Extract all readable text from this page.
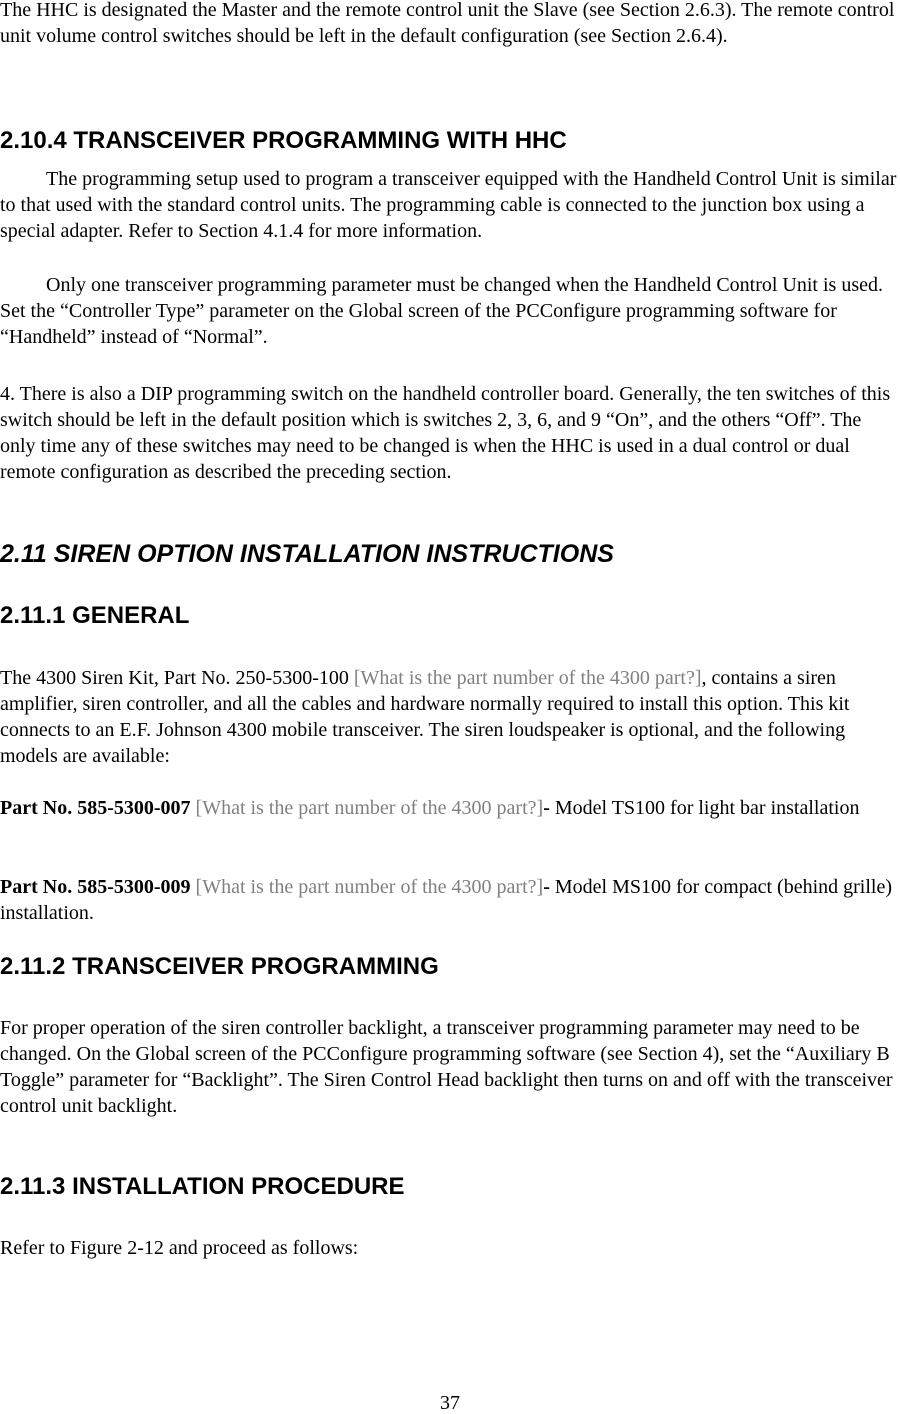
The HHC is designated the Master and the remote control unit the Slave (see Section 2.6.3). The remote control unit volume control switches should be left in the default configuration (see Section 2.6.4).

2.10.4 TRANSCEIVER PROGRAMMING WITH HHC

The programming setup used to program a transceiver equipped with the Handheld Control Unit is similar to that used with the standard control units. The programming cable is connected to the junction box using a special adapter. Refer to Section 4.1.4 for more information.

Only one transceiver programming parameter must be changed when the Handheld Control Unit is used. Set the “Controller Type” parameter on the Global screen of the PCConfigure programming software for “Handheld” instead of “Normal”.

4. There is also a DIP programming switch on the handheld controller board. Generally, the ten switches of this switch should be left in the default position which is switches 2, 3, 6, and 9 “On”, and the others “Off”. The only time any of these switches may need to be changed is when the HHC is used in a dual control or dual remote configuration as described the preceding section.

2.11 SIREN OPTION INSTALLATION INSTRUCTIONS
2.11.1 GENERAL

The 4300 Siren Kit, Part No. 250-5300-100 [What is the part number of the 4300 part?], contains a siren amplifier, siren controller, and all the cables and hardware normally required to install this option. This kit connects to an E.F. Johnson 4300 mobile transceiver. The siren loudspeaker is optional, and the following models are available:

Part No. 585-5300-007 [What is the part number of the 4300 part?]- Model TS100 for light bar installation

Part No. 585-5300-009 [What is the part number of the 4300 part?]- Model MS100 for compact (behind grille) installation.

2.11.2 TRANSCEIVER PROGRAMMING

For proper operation of the siren controller backlight, a transceiver programming parameter may need to be changed. On the Global screen of the PCConfigure programming software (see Section 4), set the “Auxiliary B Toggle” parameter for “Backlight”. The Siren Control Head backlight then turns on and off with the transceiver control unit backlight.

2.11.3 INSTALLATION PROCEDURE

Refer to Figure 2-12 and proceed as follows:

37
